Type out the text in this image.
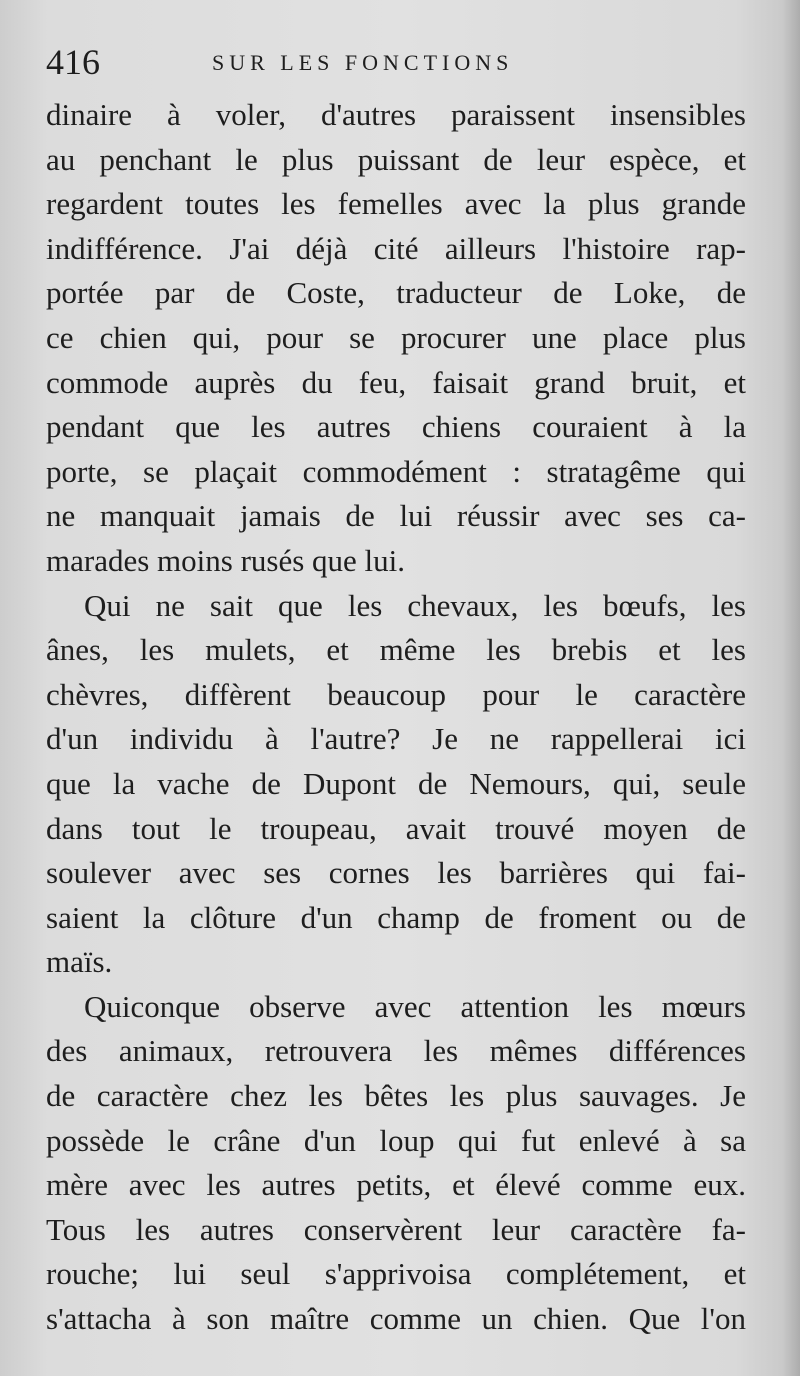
416	SUR LES FONCTIONS
dinaire à voler, d'autres paraissent insensibles
au penchant le plus puissant de leur espèce, et
regardent toutes les femelles avec la plus grande
indifférence. J'ai déjà cité ailleurs l'histoire rap-
portée par de Coste, traducteur de Loke, de
ce chien qui, pour se procurer une place plus
commode auprès du feu, faisait grand bruit, et
pendant que les autres chiens couraient à la
porte, se plaçait commodément : stratagême qui
ne manquait jamais de lui réussir avec ses ca-
marades moins rusés que lui.
Qui ne sait que les chevaux, les bœufs, les
ânes, les mulets, et même les brebis et les
chèvres, diffèrent beaucoup pour le caractère
d'un individu à l'autre? Je ne rappellerai ici
que la vache de Dupont de Nemours, qui, seule
dans tout le troupeau, avait trouvé moyen de
soulever avec ses cornes les barrières qui fai-
saient la clôture d'un champ de froment ou de
maïs.
Quiconque observe avec attention les mœurs
des animaux, retrouvera les mêmes différences
de caractère chez les bêtes les plus sauvages. Je
possède le crâne d'un loup qui fut enlevé à sa
mère avec les autres petits, et élevé comme eux.
Tous les autres conservèrent leur caractère fa-
rouche; lui seul s'apprivoisa complétement, et
s'attacha à son maître comme un chien. Que l'on
